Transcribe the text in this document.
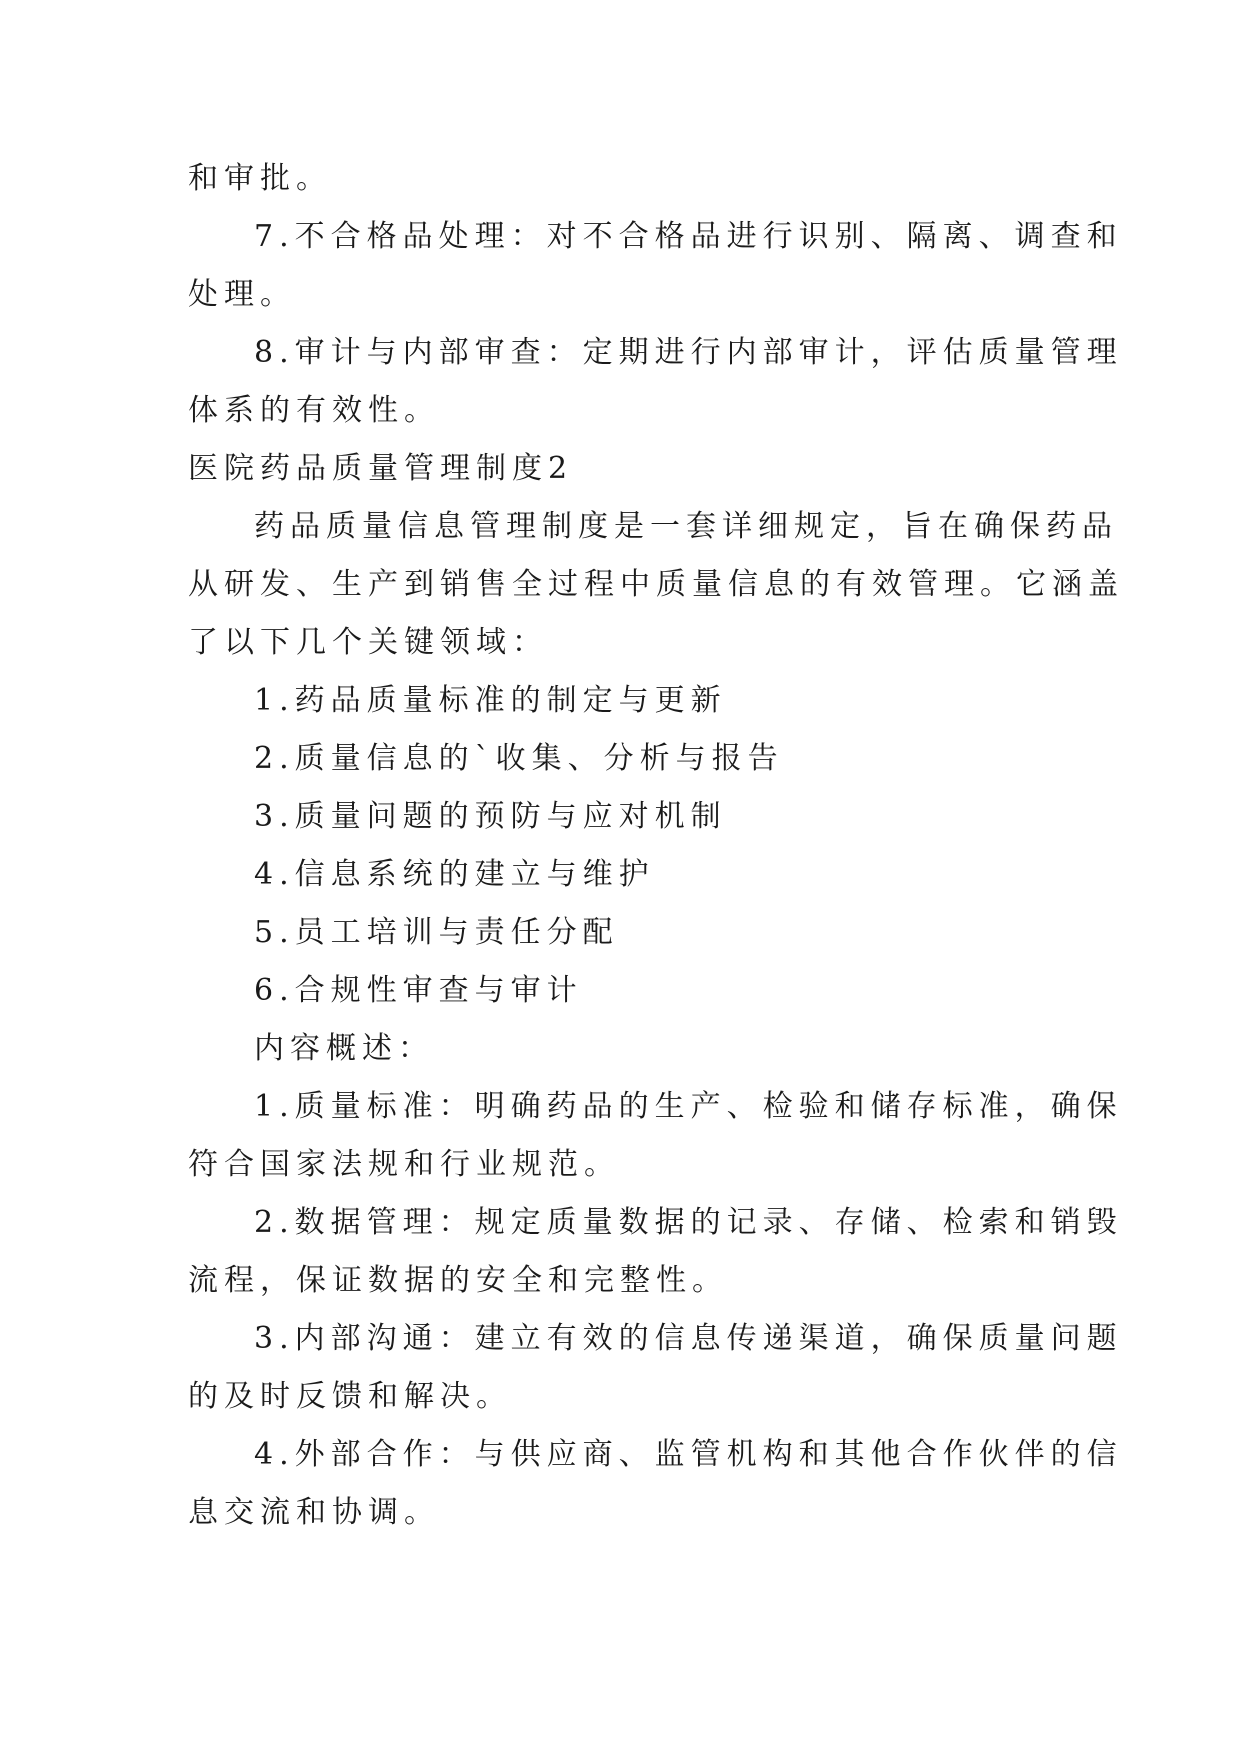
和审批。
7.不合格品处理：对不合格品进行识别、隔离、调查和
处理。
8.审计与内部审查：定期进行内部审计，评估质量管理
体系的有效性。
医院药品质量管理制度2
药品质量信息管理制度是一套详细规定，旨在确保药品
从研发、生产到销售全过程中质量信息的有效管理。它涵盖
了以下几个关键领域：
1.药品质量标准的制定与更新
2.质量信息的`收集、分析与报告
3.质量问题的预防与应对机制
4.信息系统的建立与维护
5.员工培训与责任分配
6.合规性审查与审计
内容概述：
1.质量标准：明确药品的生产、检验和储存标准，确保
符合国家法规和行业规范。
2.数据管理：规定质量数据的记录、存储、检索和销毁
流程，保证数据的安全和完整性。
3.内部沟通：建立有效的信息传递渠道，确保质量问题
的及时反馈和解决。
4.外部合作：与供应商、监管机构和其他合作伙伴的信
息交流和协调。
